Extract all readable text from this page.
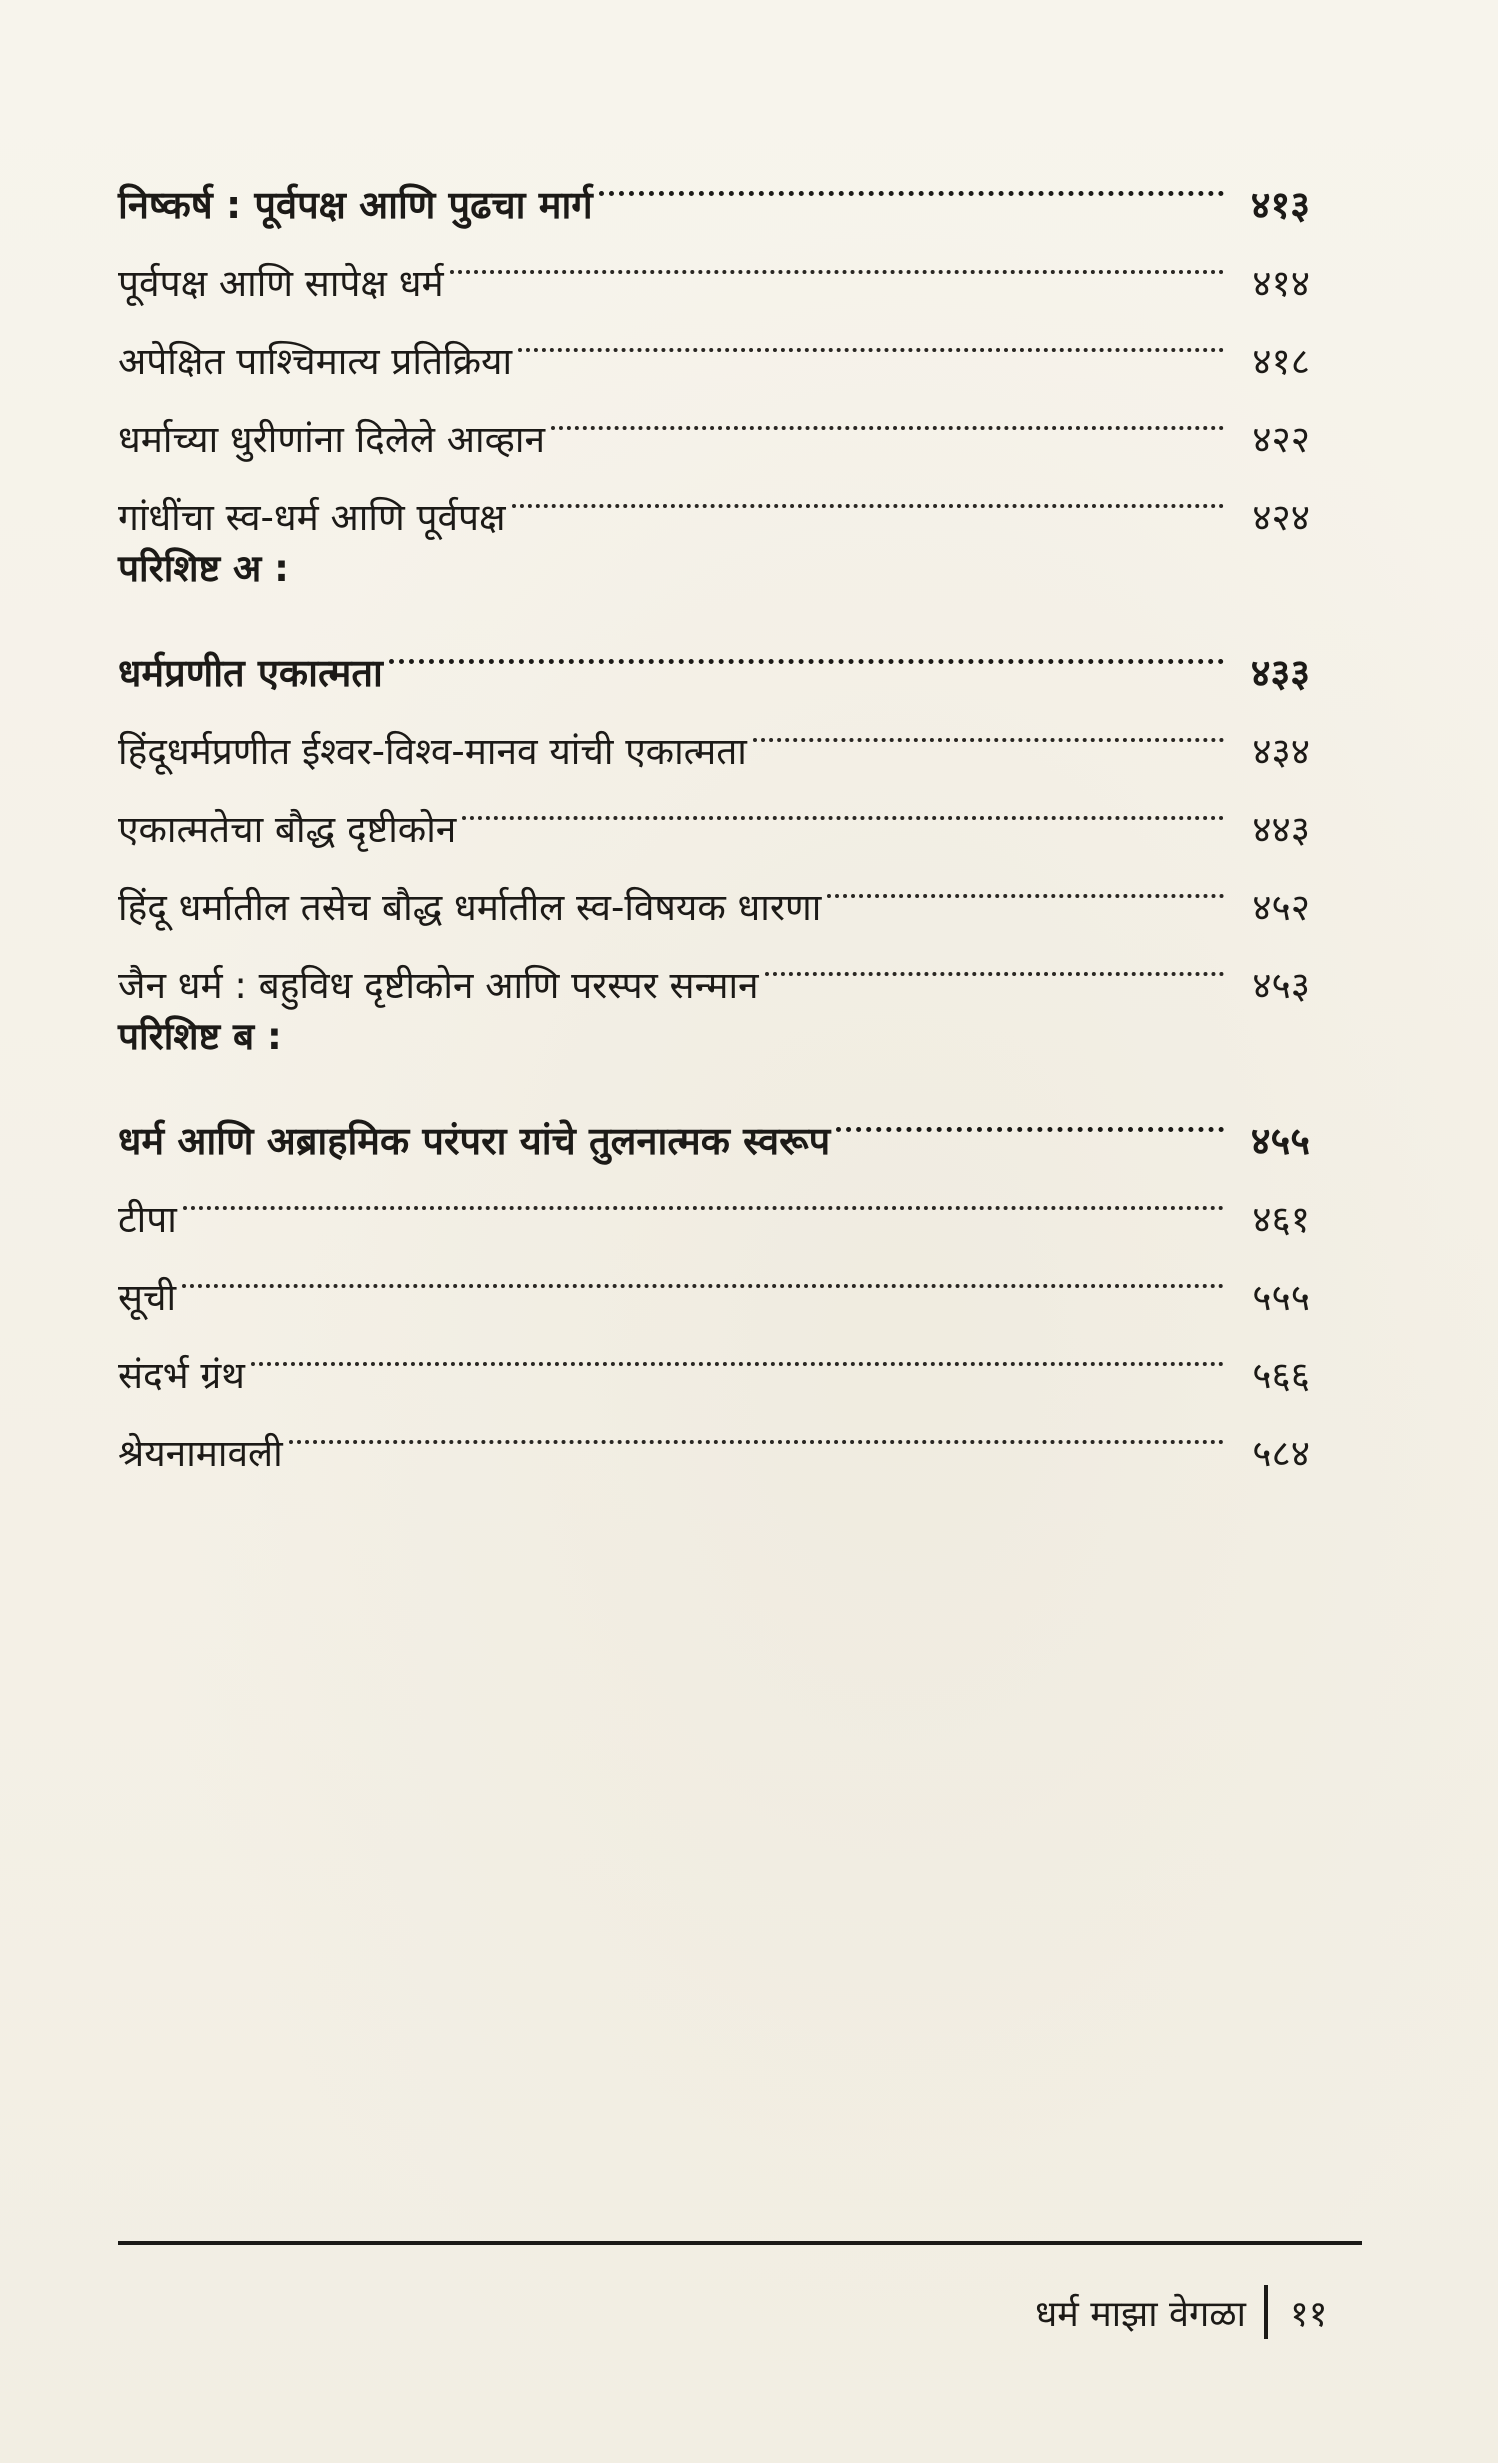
निष्कर्ष : पूर्वपक्ष आणि पुढचा मार्ग	४१३
पूर्वपक्ष आणि सापेक्ष धर्म	४१४
अपेक्षित पाश्चिमात्य प्रतिक्रिया	४१८
धर्माच्या धुरीणांना दिलेले आव्हान	४२२
गांधींचा स्व-धर्म आणि पूर्वपक्ष	४२४
परिशिष्ट अ :
धर्मप्रणीत एकात्मता	४३३
हिंदूधर्मप्रणीत ईश्वर-विश्व-मानव यांची एकात्मता	४३४
एकात्मतेचा बौद्ध दृष्टीकोन	४४३
हिंदू धर्मातील तसेच बौद्ध धर्मातील स्व-विषयक धारणा	४५२
जैन धर्म : बहुविध दृष्टीकोन आणि परस्पर सन्मान	४५३
परिशिष्ट ब :
धर्म आणि अब्राहमिक परंपरा यांचे तुलनात्मक स्वरूप	४५५
टीपा	४६१
सूची	५५५
संदर्भ ग्रंथ	५६६
श्रेयनामावली	५८४
धर्म माझा वेगळा	११
